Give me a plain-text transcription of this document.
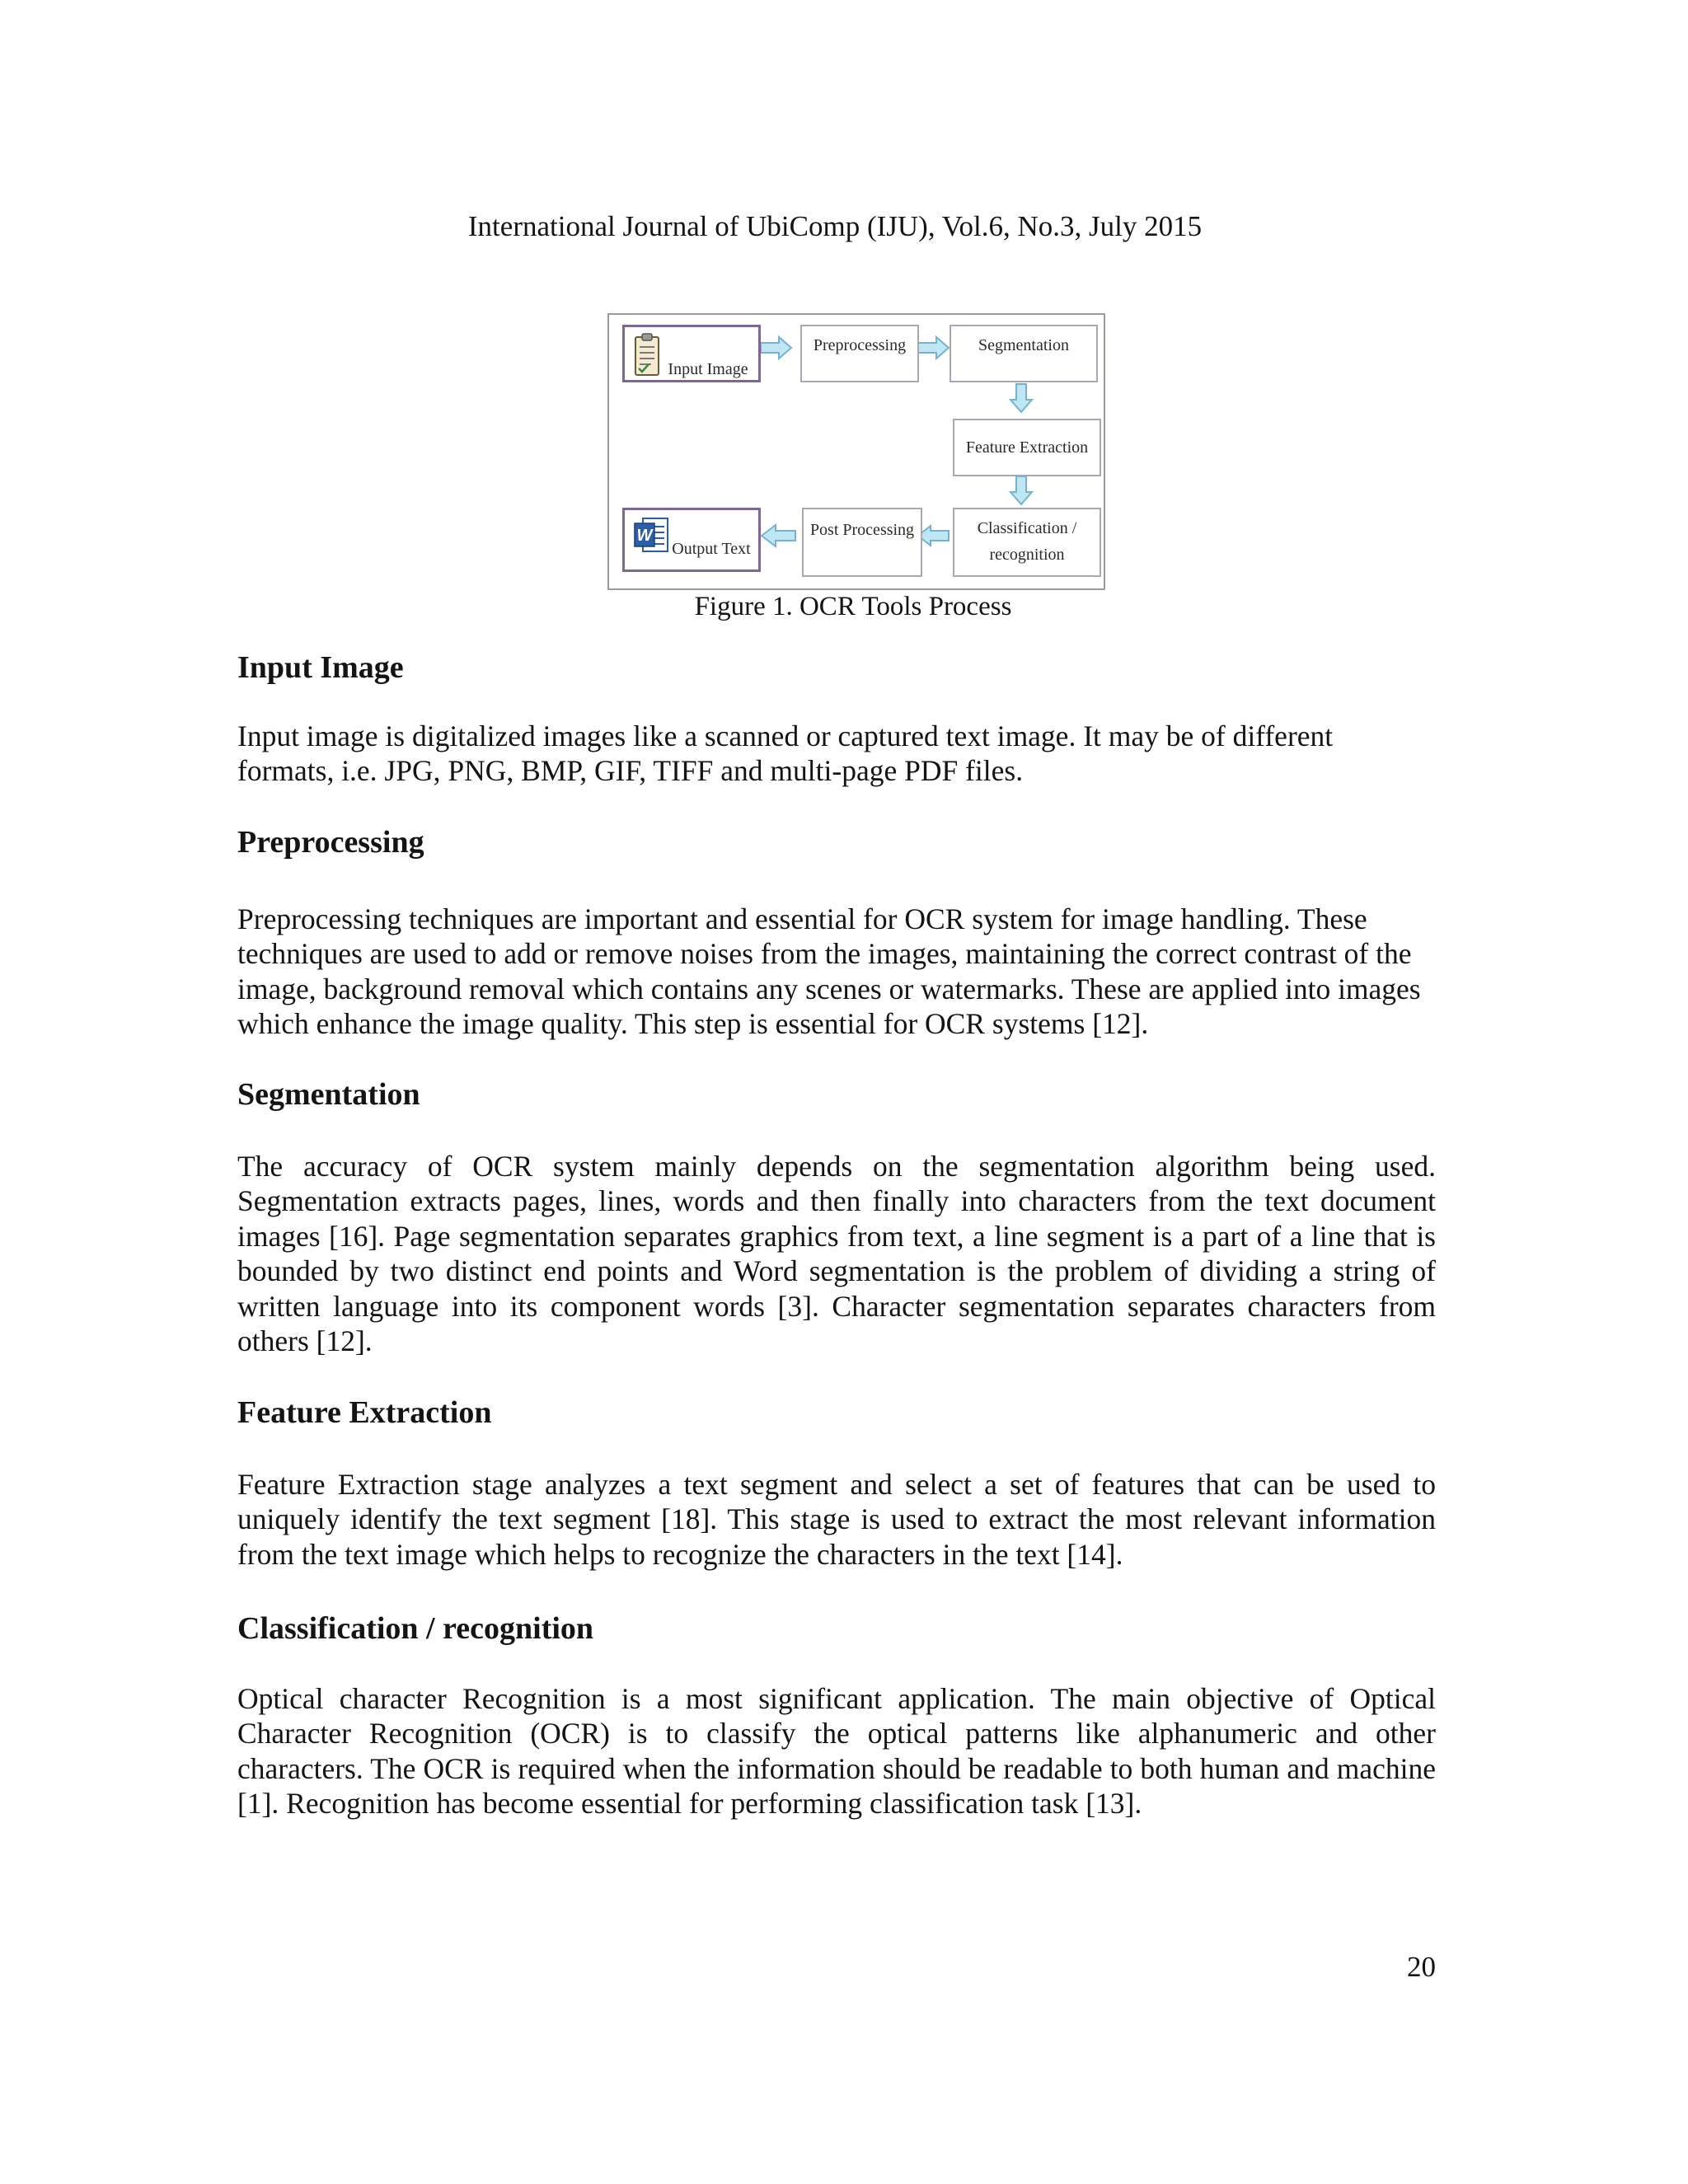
International Journal of UbiComp (IJU), Vol.6, No.3, July 2015
Input Image
Preprocessing	Segmentation
Feature Extraction
Classification /
recognition
Post Processing
W
Output Text
Figure 1. OCR Tools Process
Input Image

Input image is digitalized images like a scanned or captured text image. It may be of different formats, i.e. JPG, PNG, BMP, GIF, TIFF and multi-page PDF files.

Preprocessing

Preprocessing techniques are important and essential for OCR system for image handling. These techniques are used to add or remove noises from the images, maintaining the correct contrast of the image, background removal which contains any scenes or watermarks. These are applied into images which enhance the image quality. This step is essential for OCR systems [12].

Segmentation

The accuracy of OCR system mainly depends on the segmentation algorithm being used. Segmentation extracts pages, lines, words and then finally into characters from the text document images [16]. Page segmentation separates graphics from text, a line segment is a part of a line that is bounded by two distinct end points and Word segmentation is the problem of dividing a string of written language into its component words [3]. Character segmentation separates characters from others [12].

Feature Extraction

Feature Extraction stage analyzes a text segment and select a set of features that can be used to uniquely identify the text segment [18]. This stage is used to extract the most relevant information from the text image which helps to recognize the characters in the text [14].

Classification / recognition

Optical character Recognition is a most significant application. The main objective of Optical Character Recognition (OCR) is to classify the optical patterns like alphanumeric and other characters. The OCR is required when the information should be readable to both human and machine [1]. Recognition has become essential for performing classification task [13].

20
